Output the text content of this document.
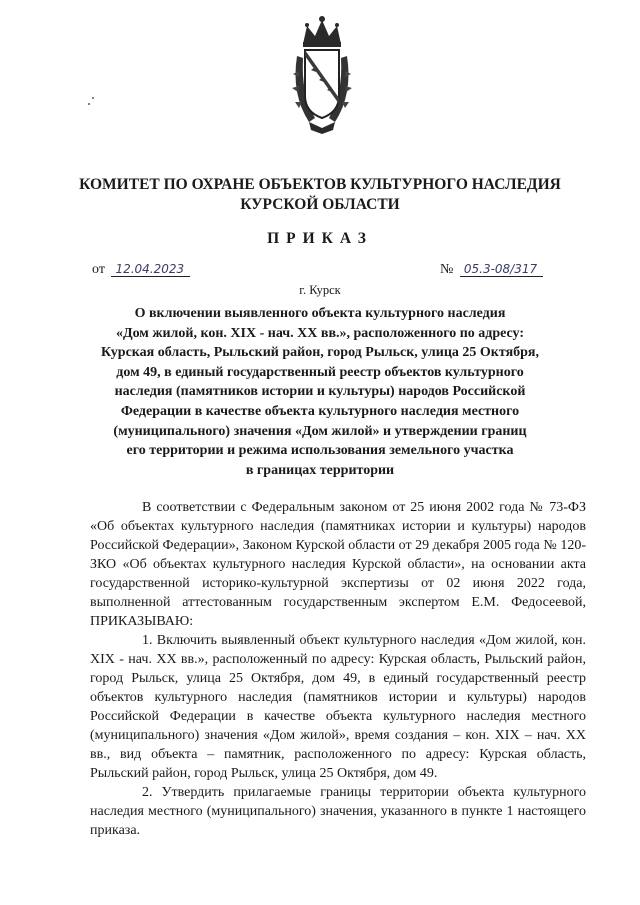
КОМИТЕТ ПО ОХРАНЕ ОБЪЕКТОВ КУЛЬТУРНОГО НАСЛЕДИЯ
КУРСКОЙ ОБЛАСТИ
ПРИКАЗ
от 12.04.2023	№ 05.3-08/317
г. Курск
О включении выявленного объекта культурного наследия
«Дом жилой, кон. XIX - нач. XX вв.», расположенного по адресу:
Курская область, Рыльский район, город Рыльск, улица 25 Октября,
дом 49, в единый государственный реестр объектов культурного
наследия (памятников истории и культуры) народов Российской
Федерации в качестве объекта культурного наследия местного
(муниципального) значения «Дом жилой» и утверждении границ
его территории и режима использования земельного участка
в границах территории

В соответствии с Федеральным законом от 25 июня 2002 года № 73-ФЗ «Об объектах культурного наследия (памятниках истории и культуры) народов Российской Федерации», Законом Курской области от 29 декабря 2005 года № 120-ЗКО «Об объектах культурного наследия Курской области», на основании акта государственной историко-культурной экспертизы от 02 июня 2022 года, выполненной аттестованным государственным экспертом Е.М. Федосеевой, ПРИКАЗЫВАЮ:

1. Включить выявленный объект культурного наследия «Дом жилой, кон. XIX - нач. XX вв.», расположенный по адресу: Курская область, Рыльский район, город Рыльск, улица 25 Октября, дом 49, в единый государственный реестр объектов культурного наследия (памятников истории и культуры) народов Российской Федерации в качестве объекта культурного наследия местного (муниципального) значения «Дом жилой», время создания – кон. XIX – нач. XX вв., вид объекта – памятник, расположенного по адресу: Курская область, Рыльский район, город Рыльск, улица 25 Октября, дом 49.

2. Утвердить прилагаемые границы территории объекта культурного наследия местного (муниципального) значения, указанного в пункте 1 настоящего приказа.
